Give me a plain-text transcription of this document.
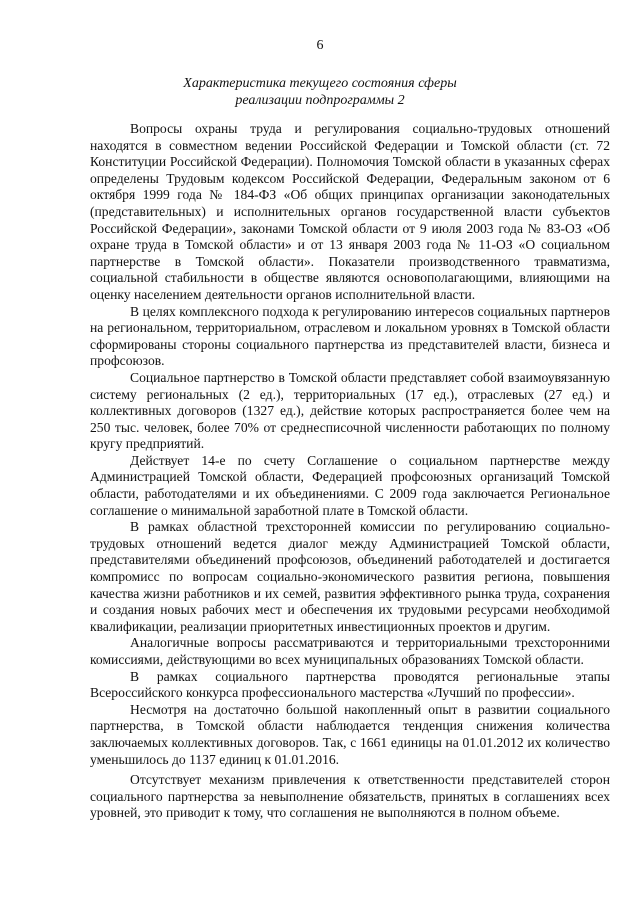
6
Характеристика текущего состояния сферы
реализации подпрограммы 2

Вопросы охраны труда и регулирования социально-трудовых отношений находятся в совместном ведении Российской Федерации и Томской области (ст. 72 Конституции Российской Федерации). Полномочия Томской области в указанных сферах определены Трудовым кодексом Российской Федерации, Федеральным законом от 6 октября 1999 года № 184-ФЗ «Об общих принципах организации законодательных (представительных) и исполнительных органов государственной власти субъектов Российской Федерации», законами Томской области от 9 июля 2003 года № 83-ОЗ «Об охране труда в Томской области» и от 13 января 2003 года № 11-ОЗ «О социальном партнерстве в Томской области». Показатели производственного травматизма, социальной стабильности в обществе являются основополагающими, влияющими на оценку населением деятельности органов исполнительной власти.

В целях комплексного подхода к регулированию интересов социальных партнеров на региональном, территориальном, отраслевом и локальном уровнях в Томской области сформированы стороны социального партнерства из представителей власти, бизнеса и профсоюзов.

Социальное партнерство в Томской области представляет собой взаимоувязанную систему региональных (2 ед.), территориальных (17 ед.), отраслевых (27 ед.) и коллективных договоров (1327 ед.), действие которых распространяется более чем на 250 тыс. человек, более 70% от среднесписочной численности работающих по полному кругу предприятий.

Действует 14-е по счету Соглашение о социальном партнерстве между Администрацией Томской области, Федерацией профсоюзных организаций Томской области, работодателями и их объединениями. С 2009 года заключается Региональное соглашение о минимальной заработной плате в Томской области.

В рамках областной трехсторонней комиссии по регулированию социально-трудовых отношений ведется диалог между Администрацией Томской области, представителями объединений профсоюзов, объединений работодателей и достигается компромисс по вопросам социально-экономического развития региона, повышения качества жизни работников и их семей, развития эффективного рынка труда, сохранения и создания новых рабочих мест и обеспечения их трудовыми ресурсами необходимой квалификации, реализации приоритетных инвестиционных проектов и другим.

Аналогичные вопросы рассматриваются и территориальными трехсторонними комиссиями, действующими во всех муниципальных образованиях Томской области.

В рамках социального партнерства проводятся региональные этапы Всероссийского конкурса профессионального мастерства «Лучший по профессии».

Несмотря на достаточно большой накопленный опыт в развитии социального партнерства, в Томской области наблюдается тенденция снижения количества заключаемых коллективных договоров. Так, с 1661 единицы на 01.01.2012 их количество уменьшилось до 1137 единиц к 01.01.2016.

Отсутствует механизм привлечения к ответственности представителей сторон социального партнерства за невыполнение обязательств, принятых в соглашениях всех уровней, это приводит к тому, что соглашения не выполняются в полном объеме.
